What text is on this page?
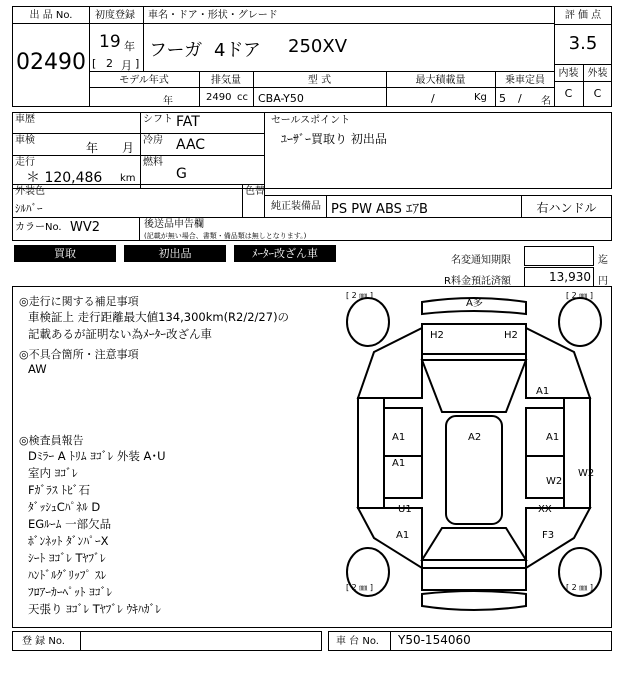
出 品 No.
02490
初度登録 車名・ドア・形状・グレード
19 年
[ 2 月 ]
フーガ 4ドア 250XV
評 価 点
3.5
内装 外装
C	C
モデル年式	排気量	型 式	最大積載量	乗車定員
年	2490 cc CBA-Y50	/	Kg 5 / 名
車歴	シフト FAT
車検
年 月
冷房 AAC
走行
＊ 120,486 km
燃料
G
セールスポイント
ﾕｰｻﾞｰ買取り 初出品
外装色
ｼﾙﾊﾞｰ
色替
純正装備品 PS PW ABS ｴｱB	右ハンドル
カラーNo. WV2	後送品申告欄
(記載が無い場合、書類・備品類は無しとなります。)
買取	初出品	ﾒｰﾀｰ改ざん車
名変通知期限	迄
R料金預託済額	13,930 円
◎走行に関する補足事項
車検証上 走行距離最大値134,300km(R2/2/27)の
記載あるが証明ない為ﾒｰﾀｰ改ざん車
◎不具合箇所・注意事項
AW
◎検査員報告
Dﾐﾗｰ A ﾄﾘﾑ ﾖｺﾞﾚ 外装 A･U
室内 ﾖｺﾞﾚ
Fｶﾞﾗｽ ﾄﾋﾞ石
ﾀﾞｯｼｭCﾊﾟﾈﾙ D
EGﾙｰﾑ 一部欠品
ﾎﾞﾝﾈｯﾄ ﾀﾞﾝﾊﾟｰX
ｼｰﾄ ﾖｺﾞﾚ Tﾔﾌﾞﾚ
ﾊﾝﾄﾞﾙｸﾞﾘｯﾌﾟ ｽﾚ
ﾌﾛｱｰｶｰﾍﾟｯﾄ ﾖｺﾞﾚ
天張り ﾖｺﾞﾚ Tﾔﾌﾞﾚ ｳｷﾊｶﾞﾚ
[ 2 ㎜ ]	[ 2 ㎜ ]
[ 2 ㎜ ]	[ 2 ㎜ ]
A多
H2	H2
A1
A1	A2	A1
A1
W2
W2
XX
U1
A1	F3
登 録 No.	車 台 No. Y50-154060
